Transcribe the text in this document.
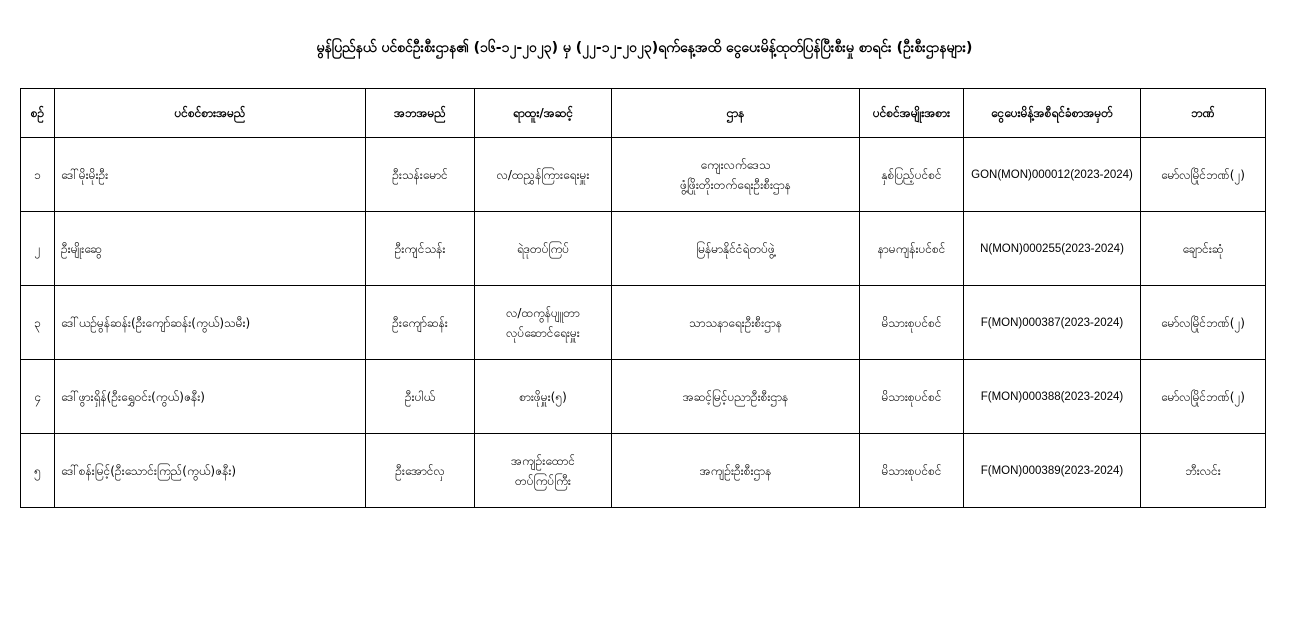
မွန်ပြည်နယ် ပင်စင်ဦးစီးဌာန၏ (၁၆-၁၂-၂၀၂၃) မှ (၂၂-၁၂-၂၀၂၃)ရက်နေ့အထိ ငွေပေးမိန့်ထုတ်ပြန်ပြီးစီးမှု စာရင်း (ဦးစီးဌာနများ)
စဉ်	ပင်စင်စားအမည်	အဘအမည်	ရာထူး/အဆင့်	ဌာန	ပင်စင်အမျိုးအစား	ငွေပေးမိန့်အစီရင်ခံစာအမှတ်	ဘဏ်
၁	ဒေါ်မိုးမိုးဦး	ဦးသန်းမောင်	လ/ထညွှန်ကြားရေးမှူး	ကျေးလက်ဒေသ
ဖွံ့ဖြိုးတိုးတက်ရေးဦးစီးဌာန	နှစ်ပြည့်ပင်စင်	GON(MON)000012(2023-2024)	မော်လမြိုင်ဘဏ်(၂)
၂	ဦးမျိုးဆွေ	ဦးကျင်သန်း	ရဲဒုတပ်ကြပ်	မြန်မာနိုင်ငံရဲတပ်ဖွဲ့	နာမကျန်းပင်စင်	N(MON)000255(2023-2024)	ချောင်းဆုံ
၃	ဒေါ်ယဉ်မွန်ဆန်း(ဦးကျော်ဆန်း(ကွယ်)သမီး)	ဦးကျော်ဆန်း	လ/ထကွန်ပျူတာ
လုပ်ဆောင်ရေးမှူး	သာသနာရေးဦးစီးဌာန	မိသားစုပင်စင်	F(MON)000387(2023-2024)	မော်လမြိုင်ဘဏ်(၂)
၄	ဒေါ်ဖွားရှိန်(ဦးရွှေဝင်း(ကွယ်)ဇနီး)	ဦးပါယ်	စားဖိုမှူး(၅)	အဆင့်မြင့်ပညာဦးစီးဌာန	မိသားစုပင်စင်	F(MON)000388(2023-2024)	မော်လမြိုင်ဘဏ်(၂)
၅	ဒေါ်စန်းမြင့်(ဦးသောင်းကြည်(ကွယ်)ဇနီး)	ဦးအောင်လှ	အကျဉ်းထောင်
တပ်ကြပ်ကြီး	အကျဉ်းဦးစီးဌာန	မိသားစုပင်စင်	F(MON)000389(2023-2024)	ဘီးလင်း
